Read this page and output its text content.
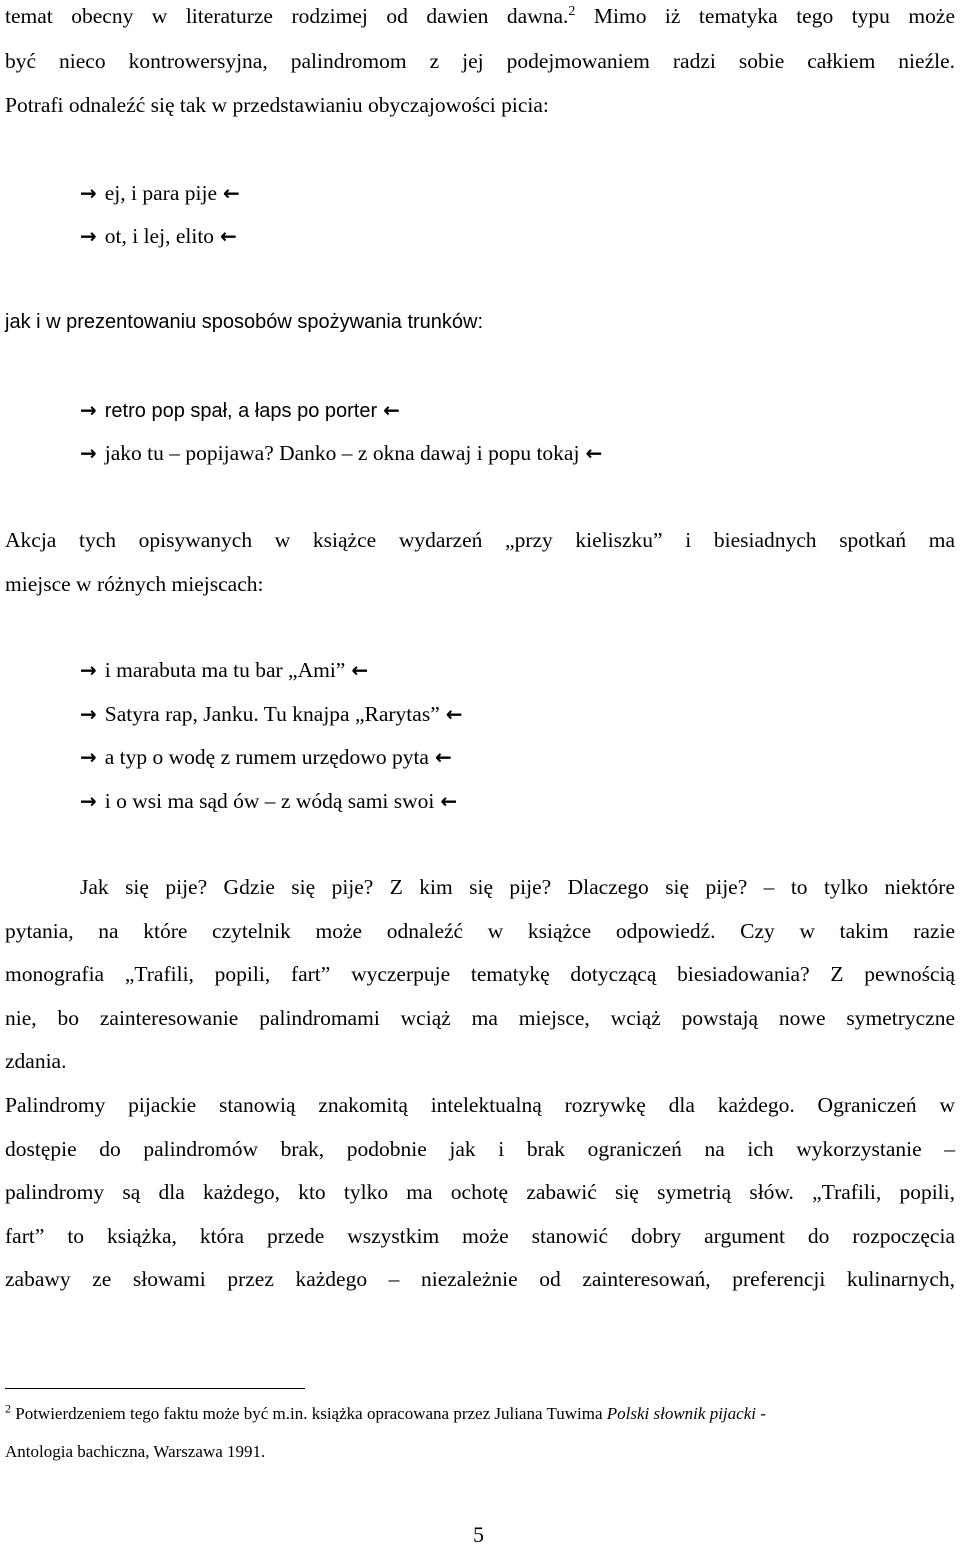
temat obecny w literaturze rodzimej od dawien dawna.$^2$ Mimo iż tematyka tego typu może
być nieco kontrowersyjna, palindromom z jej podejmowaniem radzi sobie całkiem nieźle.
Potrafi odnaleźć się tak w przedstawianiu obyczajowości picia:
→ ej, i para pije ←
→ ot, i lej, elito ←
jak i w prezentowaniu sposobów spożywania trunków:
→ retro pop spał, a łaps po porter ←
→ jako tu – popijawa? Danko – z okna dawaj i popu tokaj ←
Akcja tych opisywanych w książce wydarzeń „przy kieliszku” i biesiadnych spotkań ma
miejsce w różnych miejscach:
→ i marabuta ma tu bar „Ami” ←
→ Satyra rap, Janku. Tu knajpa „Rarytas” ←
→ a typ o wodę z rumem urzędowo pyta ←
→ i o wsi ma sąd ów – z wódą sami swoi ←
Jak się pije? Gdzie się pije? Z kim się pije? Dlaczego się pije? – to tylko niektóre
pytania, na które czytelnik może odnaleźć w książce odpowiedź. Czy w takim razie
monografia „Trafili, popili, fart” wyczerpuje tematykę dotyczącą biesiadowania? Z pewnością
nie, bo zainteresowanie palindromami wciąż ma miejsce, wciąż powstają nowe symetryczne
zdania.
Palindromy pijackie stanowią znakomitą intelektualną rozrywkę dla każdego. Ograniczeń w
dostępie do palindromów brak, podobnie jak i brak ograniczeń na ich wykorzystanie –
palindromy są dla każdego, kto tylko ma ochotę zabawić się symetrią słów. „Trafili, popili,
fart” to książka, która przede wszystkim może stanowić dobry argument do rozpoczęcia
zabawy ze słowami przez każdego – niezależnie od zainteresowań, preferencji kulinarnych,
$^2$ Potwierdzeniem tego faktu może być m.in. książka opracowana przez Juliana Tuwima Polski słownik pijacki -
Antologia bachiczna, Warszawa 1991.
5
